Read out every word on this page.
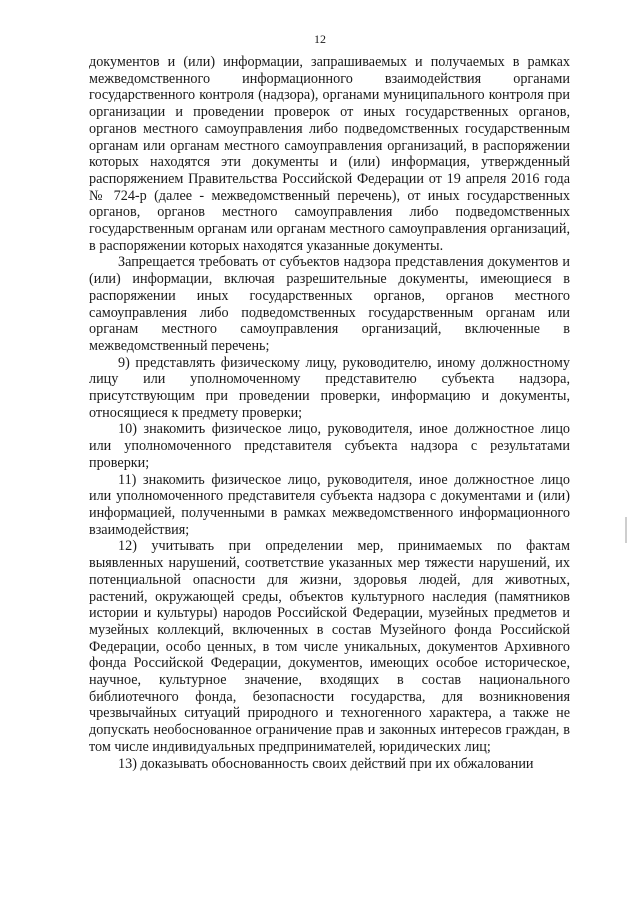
12

документов и (или) информации, запрашиваемых и получаемых в рамках межведомственного информационного взаимодействия органами государственного контроля (надзора), органами муниципального контроля при организации и проведении проверок от иных государственных органов, органов местного самоуправления либо подведомственных государственным органам или органам местного самоуправления организаций, в распоряжении которых находятся эти документы и (или) информация, утвержденный распоряжением Правительства Российской Федерации от 19 апреля 2016 года № 724-р (далее - межведомственный перечень), от иных государственных органов, органов местного самоуправления либо подведомственных государственным органам или органам местного самоуправления организаций, в распоряжении которых находятся указанные документы.

Запрещается требовать от субъектов надзора представления документов и (или) информации, включая разрешительные документы, имеющиеся в распоряжении иных государственных органов, органов местного самоуправления либо подведомственных государственным органам или органам местного самоуправления организаций, включенные в межведомственный перечень;

9) представлять физическому лицу, руководителю, иному должностному лицу или уполномоченному представителю субъекта надзора, присутствующим при проведении проверки, информацию и документы, относящиеся к предмету проверки;

10) знакомить физическое лицо, руководителя, иное должностное лицо или уполномоченного представителя субъекта надзора с результатами проверки;

11) знакомить физическое лицо, руководителя, иное должностное лицо или уполномоченного представителя субъекта надзора с документами и (или) информацией, полученными в рамках межведомственного информационного взаимодействия;

12) учитывать при определении мер, принимаемых по фактам выявленных нарушений, соответствие указанных мер тяжести нарушений, их потенциальной опасности для жизни, здоровья людей, для животных, растений, окружающей среды, объектов культурного наследия (памятников истории и культуры) народов Российской Федерации, музейных предметов и музейных коллекций, включенных в состав Музейного фонда Российской Федерации, особо ценных, в том числе уникальных, документов Архивного фонда Российской Федерации, документов, имеющих особое историческое, научное, культурное значение, входящих в состав национального библиотечного фонда, безопасности государства, для возникновения чрезвычайных ситуаций природного и техногенного характера, а также не допускать необоснованное ограничение прав и законных интересов граждан, в том числе индивидуальных предпринимателей, юридических лиц;

13) доказывать обоснованность своих действий при их обжаловании
